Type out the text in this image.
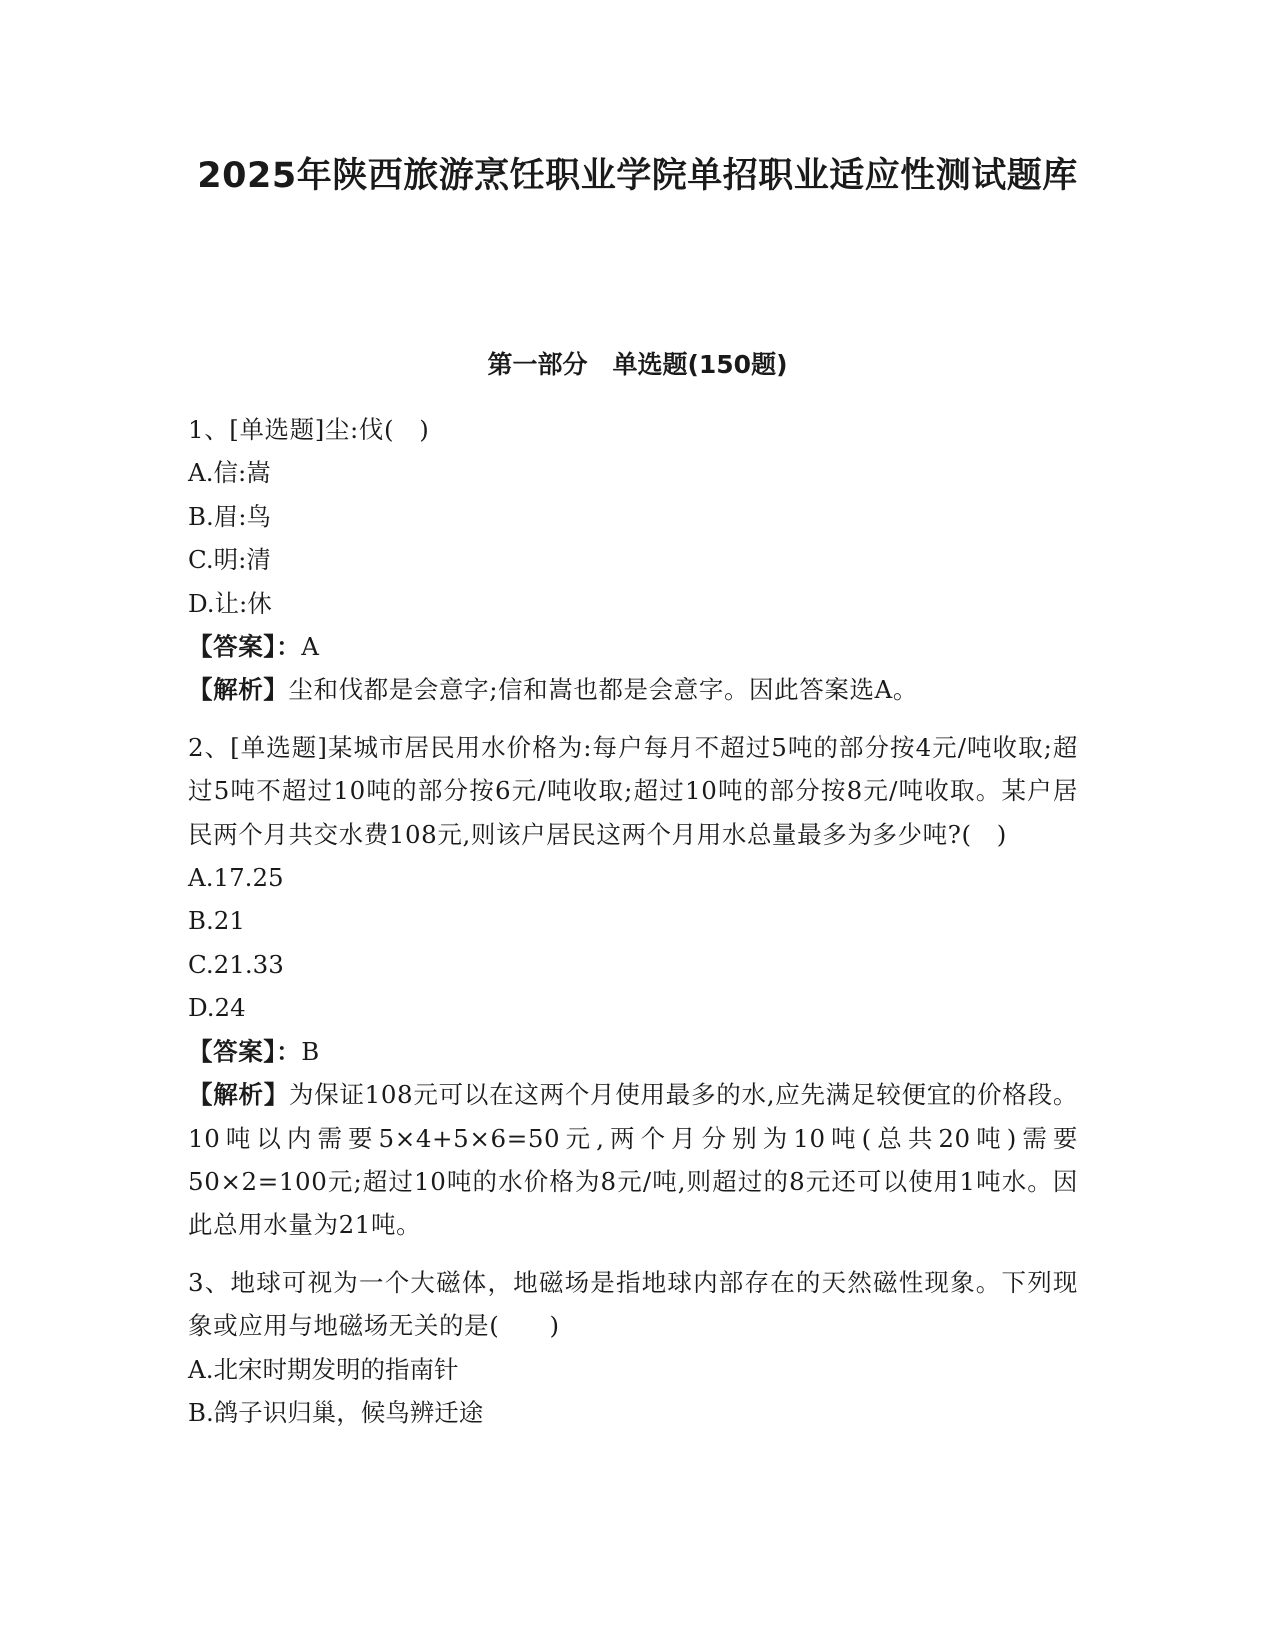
2025年陕西旅游烹饪职业学院单招职业适应性测试题库
第一部分　单选题(150题)

1、[单选题]尘:伐(　)

A.信:嵩

B.眉:鸟

C.明:清

D.让:休

【答案】：A

【解析】尘和伐都是会意字;信和嵩也都是会意字。因此答案选A。

2、[单选题]某城市居民用水价格为:每户每月不超过5吨的部分按4元/吨收取;超过5吨不超过10吨的部分按6元/吨收取;超过10吨的部分按8元/吨收取。某户居民两个月共交水费108元,则该户居民这两个月用水总量最多为多少吨?(　)

A.17.25

B.21

C.21.33

D.24

【答案】：B

【解析】为保证108元可以在这两个月使用最多的水,应先满足较便宜的价格段。10吨以内需要5×4+5×6=50元,两个月分别为10吨(总共20吨)需要50×2=100元;超过10吨的水价格为8元/吨,则超过的8元还可以使用1吨水。因此总用水量为21吨。

3、地球可视为一个大磁体，地磁场是指地球内部存在的天然磁性现象。下列现象或应用与地磁场无关的是(　　)

A.北宋时期发明的指南针

B.鸽子识归巢，候鸟辨迁途
